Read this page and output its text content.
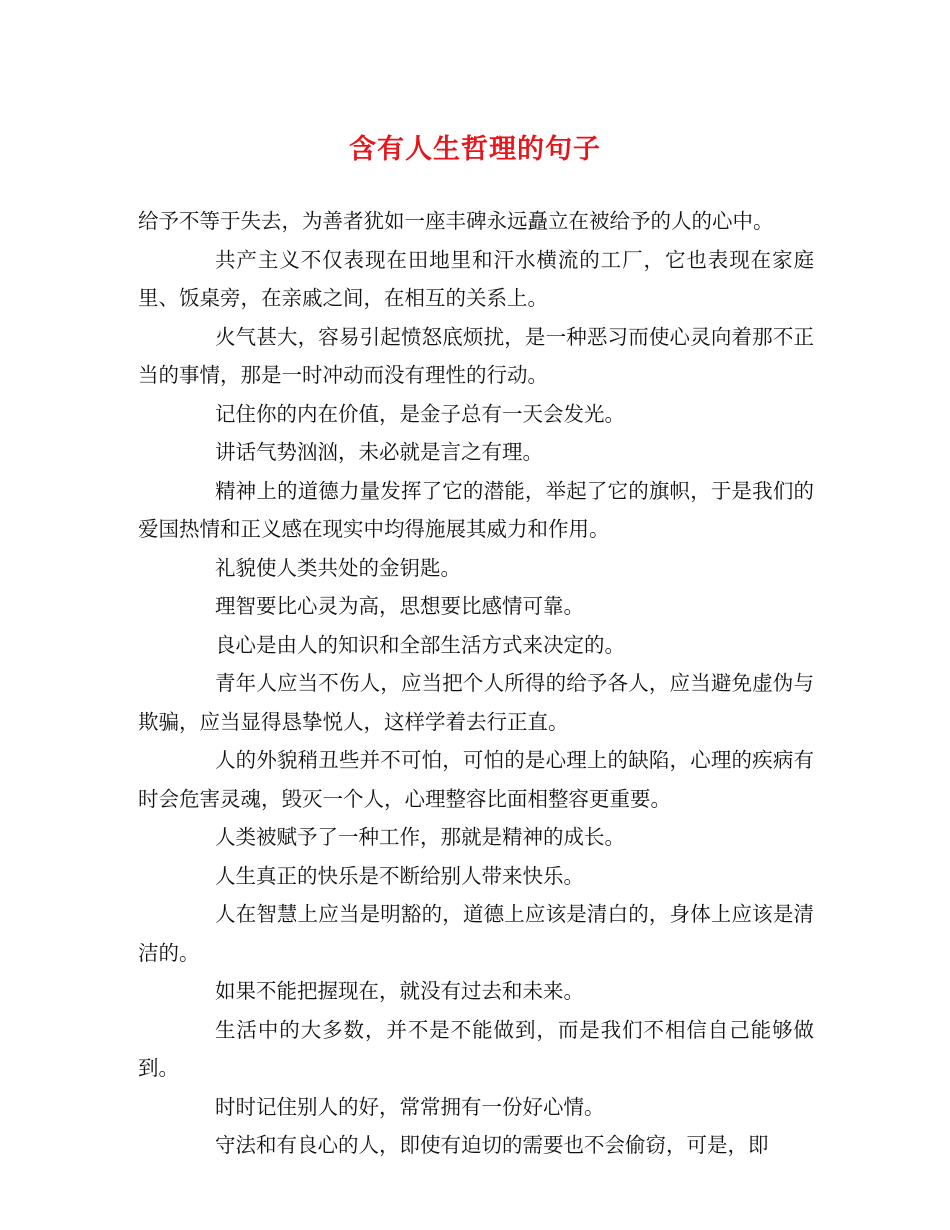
含有人生哲理的句子

给予不等于失去，为善者犹如一座丰碑永远矗立在被给予的人的心中。

共产主义不仅表现在田地里和汗水横流的工厂，它也表现在家庭里、饭桌旁，在亲戚之间，在相互的关系上。

火气甚大，容易引起愤怒底烦扰，是一种恶习而使心灵向着那不正当的事情，那是一时冲动而没有理性的行动。

记住你的内在价值，是金子总有一天会发光。

讲话气势汹汹，未必就是言之有理。

精神上的道德力量发挥了它的潜能，举起了它的旗帜，于是我们的爱国热情和正义感在现实中均得施展其威力和作用。

礼貌使人类共处的金钥匙。

理智要比心灵为高，思想要比感情可靠。

良心是由人的知识和全部生活方式来决定的。

青年人应当不伤人，应当把个人所得的给予各人，应当避免虚伪与欺骗，应当显得恳挚悦人，这样学着去行正直。

人的外貌稍丑些并不可怕，可怕的是心理上的缺陷，心理的疾病有时会危害灵魂，毁灭一个人，心理整容比面相整容更重要。

人类被赋予了一种工作，那就是精神的成长。

人生真正的快乐是不断给别人带来快乐。

人在智慧上应当是明豁的，道德上应该是清白的，身体上应该是清洁的。

如果不能把握现在，就没有过去和未来。

生活中的大多数，并不是不能做到，而是我们不相信自己能够做到。

时时记住别人的好，常常拥有一份好心情。

守法和有良心的人，即使有迫切的需要也不会偷窃，可是，即
